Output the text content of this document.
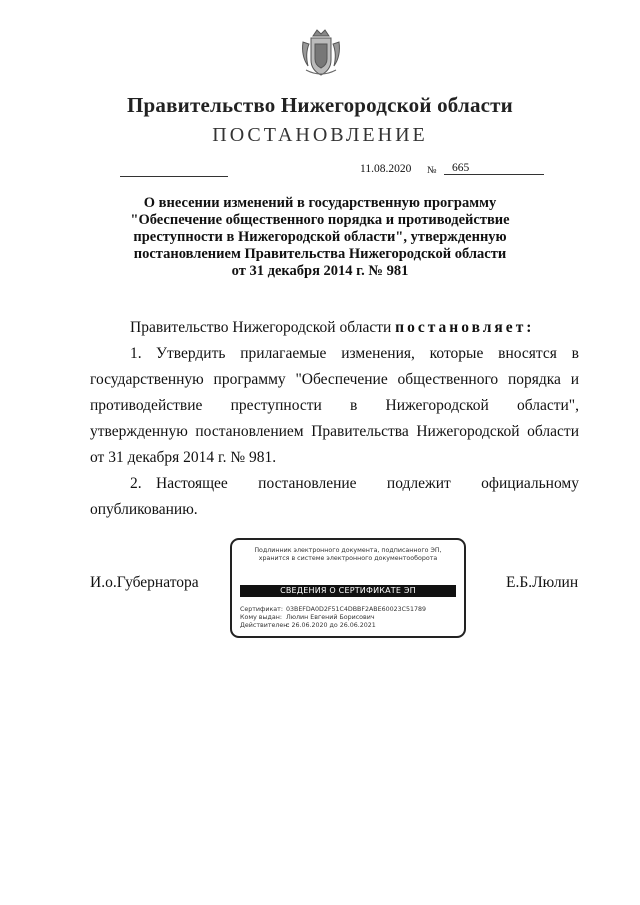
Правительство Нижегородской области
ПОСТАНОВЛЕНИЕ
11.08.2020 №	665
О внесении изменений в государственную программу
"Обеспечение общественного порядка и противодействие
преступности в Нижегородской области", утвержденную
постановлением Правительства Нижегородской области
от 31 декабря 2014 г. № 981

Правительство Нижегородской области постановляет:

1. Утвердить прилагаемые изменения, которые вносятся в государственную программу "Обеспечение общественного порядка и противодействие преступности в Нижегородской области", утвержденную постановлением Правительства Нижегородской области от 31 декабря 2014 г. № 981.

2. Настоящее постановление подлежит официальному опубликованию.

И.о.Губернатора	Е.Б.Люлин
Подлинник электронного документа, подписанного ЭП,
хранится в системе электронного документооборота
СВЕДЕНИЯ О СЕРТИФИКАТЕ ЭП
Сертификат: 03BEFDA0D2F51C4DBBF2ABE60023C51789
Кому выдан: Люлин Евгений Борисович
Действителен:с 26.06.2020 до 26.06.2021
